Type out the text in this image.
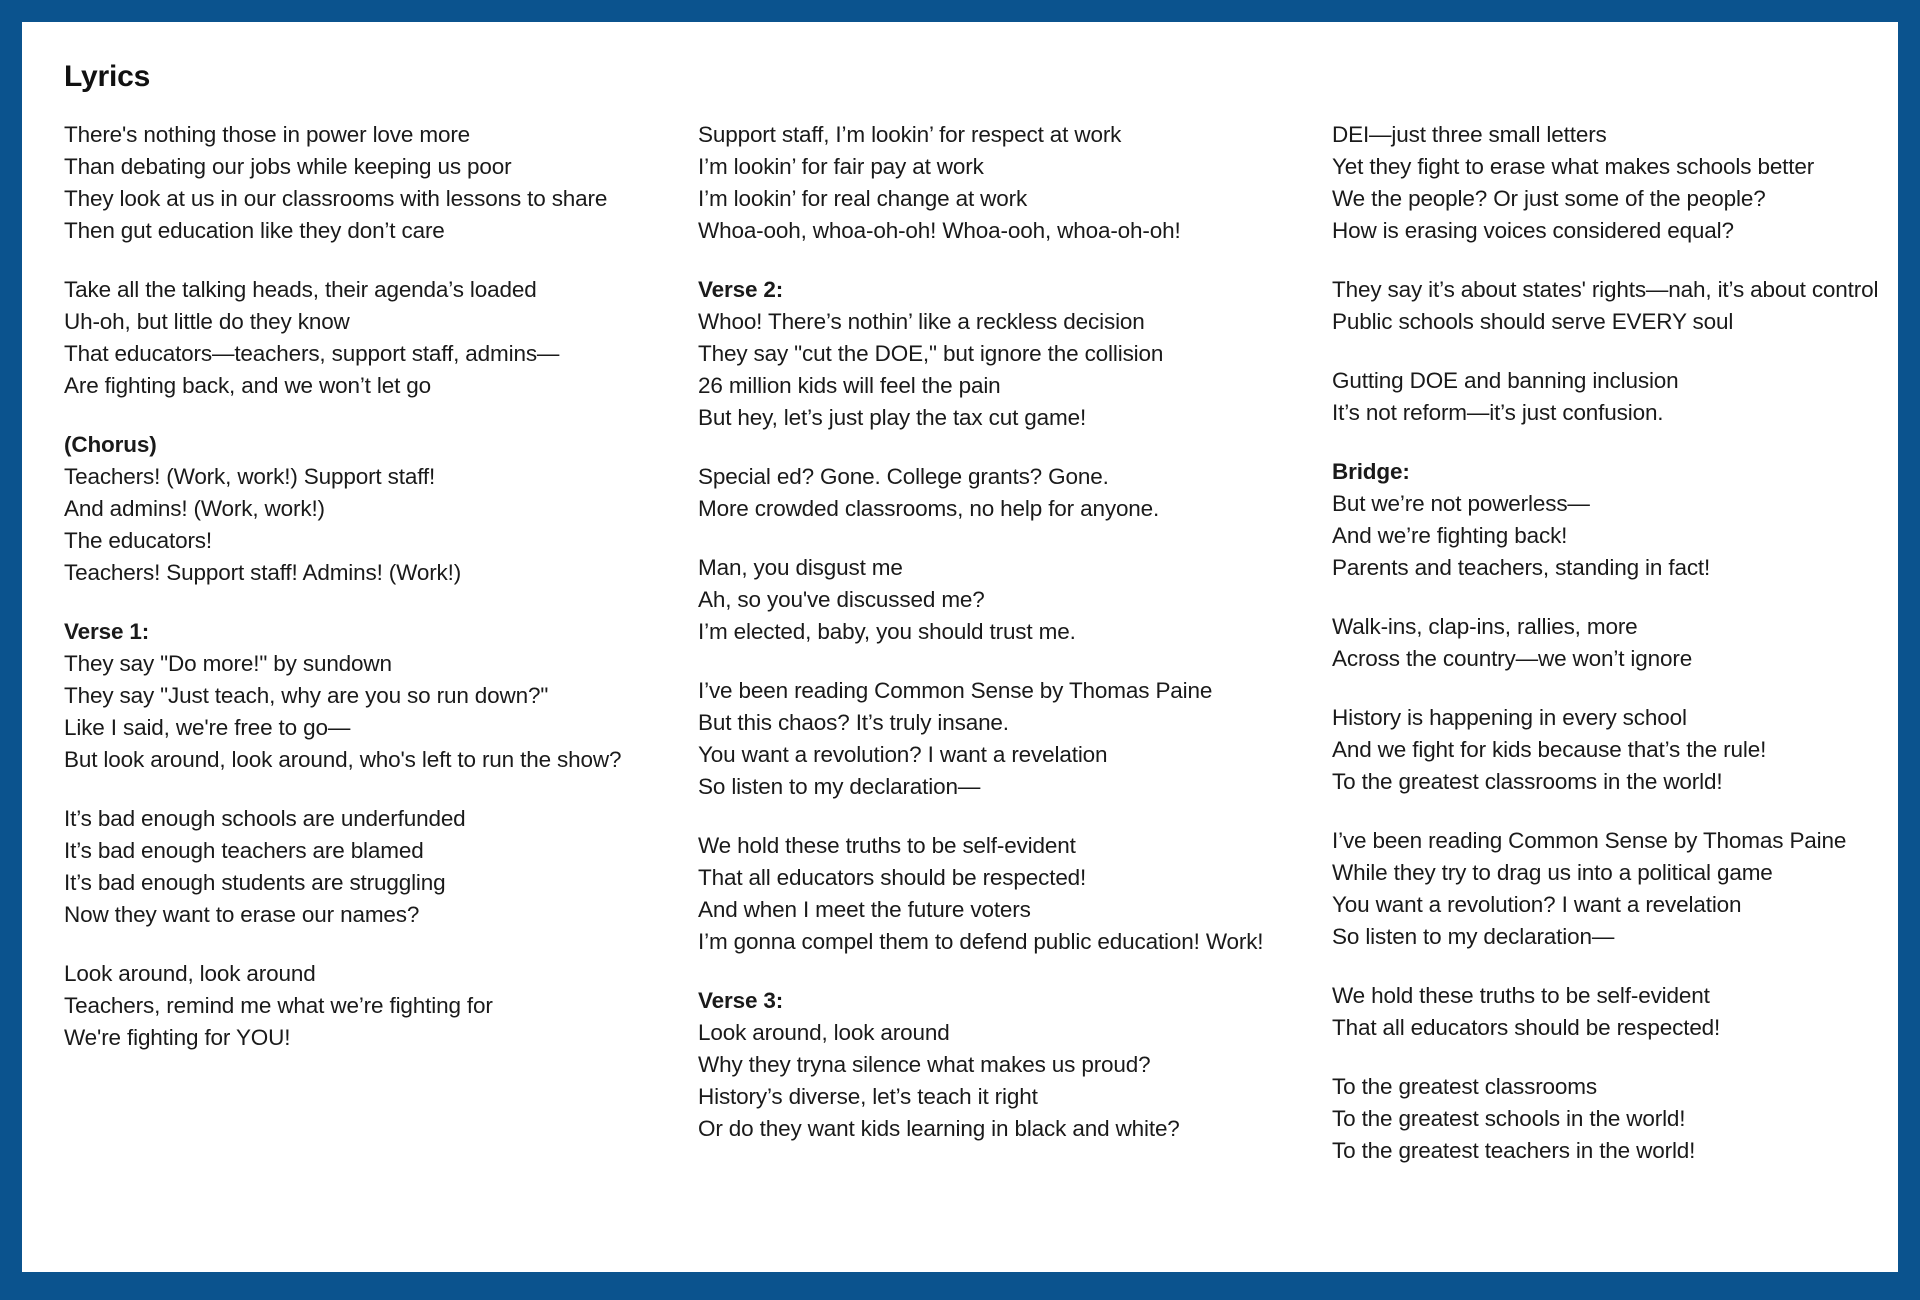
Lyrics
There's nothing those in power love more
Than debating our jobs while keeping us poor
They look at us in our classrooms with lessons to share
Then gut education like they don’t care
Take all the talking heads, their agenda’s loaded
Uh-oh, but little do they know
That educators—teachers, support staff, admins—
Are fighting back, and we won’t let go
(Chorus)
Teachers! (Work, work!) Support staff!
And admins! (Work, work!)
The educators!
Teachers! Support staff! Admins! (Work!)
Verse 1:
They say "Do more!" by sundown
They say "Just teach, why are you so run down?"
Like I said, we're free to go—
But look around, look around, who's left to run the show?
It’s bad enough schools are underfunded
It’s bad enough teachers are blamed
It’s bad enough students are struggling
Now they want to erase our names?
Look around, look around
Teachers, remind me what we’re fighting for
We're fighting for YOU!
Support staff, I’m lookin’ for respect at work
I’m lookin’ for fair pay at work
I’m lookin’ for real change at work
Whoa-ooh, whoa-oh-oh! Whoa-ooh, whoa-oh-oh!
Verse 2:
Whoo! There’s nothin’ like a reckless decision
They say "cut the DOE," but ignore the collision
26 million kids will feel the pain
But hey, let’s just play the tax cut game!
Special ed? Gone. College grants? Gone.
More crowded classrooms, no help for anyone.
Man, you disgust me
Ah, so you've discussed me?
I’m elected, baby, you should trust me.
I’ve been reading Common Sense by Thomas Paine
But this chaos? It’s truly insane.
You want a revolution? I want a revelation
So listen to my declaration—
We hold these truths to be self-evident
That all educators should be respected!
And when I meet the future voters
I’m gonna compel them to defend public education! Work!
Verse 3:
Look around, look around
Why they tryna silence what makes us proud?
History’s diverse, let’s teach it right
Or do they want kids learning in black and white?
DEI—just three small letters
Yet they fight to erase what makes schools better
We the people? Or just some of the people?
How is erasing voices considered equal?
They say it’s about states' rights—nah, it’s about control
Public schools should serve EVERY soul
Gutting DOE and banning inclusion
It’s not reform—it’s just confusion.
Bridge:
But we’re not powerless—
And we’re fighting back!
Parents and teachers, standing in fact!
Walk-ins, clap-ins, rallies, more
Across the country—we won’t ignore
History is happening in every school
And we fight for kids because that’s the rule!
To the greatest classrooms in the world!
I’ve been reading Common Sense by Thomas Paine
While they try to drag us into a political game
You want a revolution? I want a revelation
So listen to my declaration—
We hold these truths to be self-evident
That all educators should be respected!
To the greatest classrooms
To the greatest schools in the world!
To the greatest teachers in the world!
